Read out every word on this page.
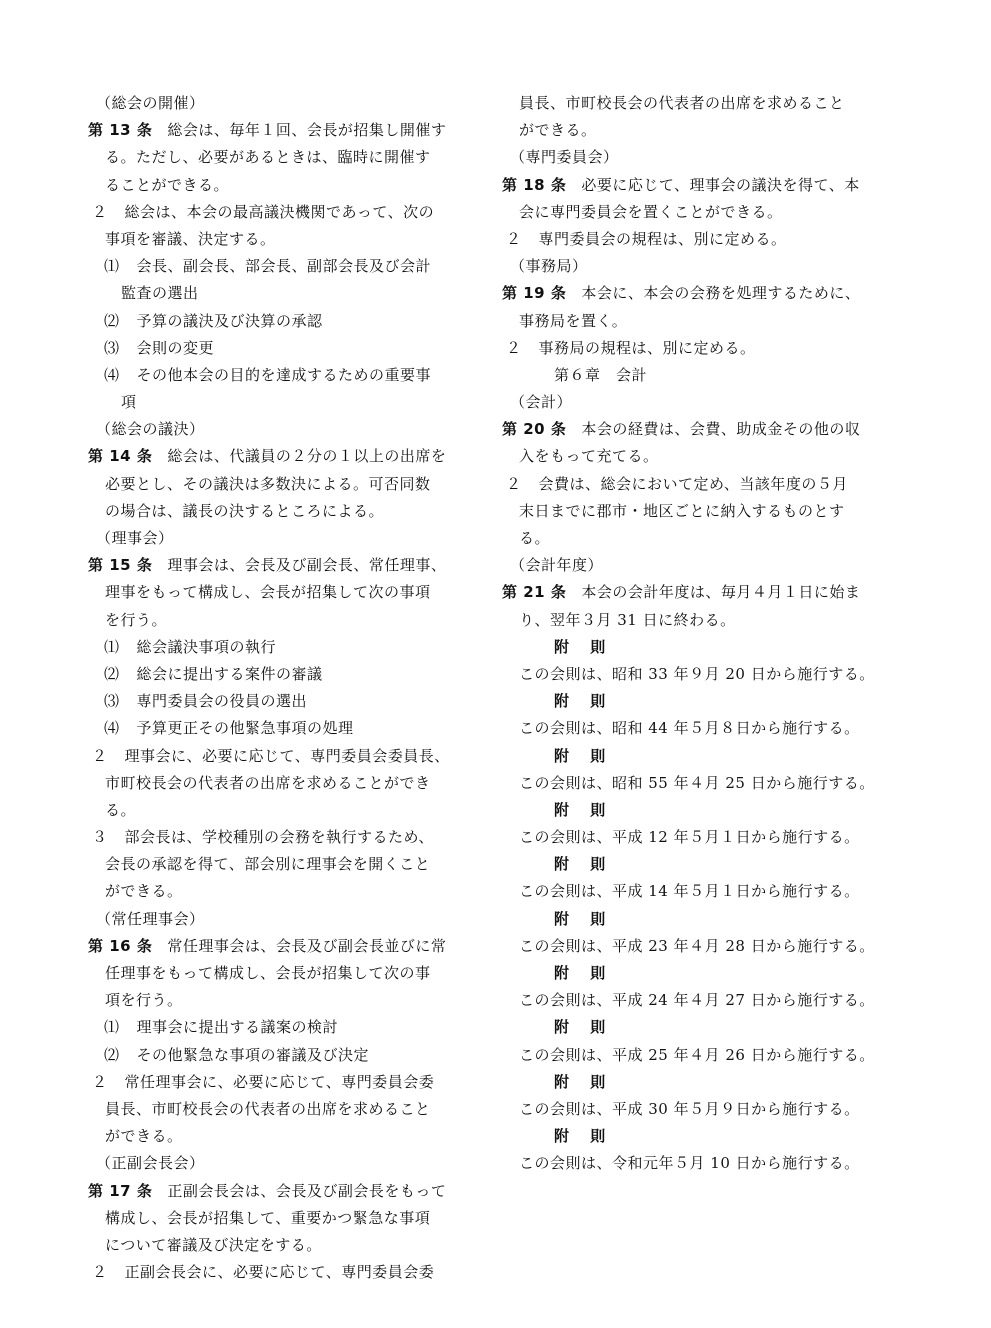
（総会の開催）
第 13 条 総会は、毎年１回、会長が招集し開催す
る。ただし、必要があるときは、臨時に開催す
ることができる。
２ 総会は、本会の最高議決機関であって、次の
事項を審議、決定する。
⑴ 会長、副会長、部会長、副部会長及び会計
監査の選出
⑵ 予算の議決及び決算の承認
⑶ 会則の変更
⑷ その他本会の目的を達成するための重要事
項
（総会の議決）
第 14 条 総会は、代議員の２分の１以上の出席を
必要とし、その議決は多数決による。可否同数
の場合は、議長の決するところによる。
（理事会）
第 15 条 理事会は、会長及び副会長、常任理事、
理事をもって構成し、会長が招集して次の事項
を行う。
⑴ 総会議決事項の執行
⑵ 総会に提出する案件の審議
⑶ 専門委員会の役員の選出
⑷ 予算更正その他緊急事項の処理
２ 理事会に、必要に応じて、専門委員会委員長、
市町校長会の代表者の出席を求めることができ
る。
３ 部会長は、学校種別の会務を執行するため、
会長の承認を得て、部会別に理事会を開くこと
ができる。
（常任理事会）
第 16 条 常任理事会は、会長及び副会長並びに常
任理事をもって構成し、会長が招集して次の事
項を行う。
⑴ 理事会に提出する議案の検討
⑵ その他緊急な事項の審議及び決定
２ 常任理事会に、必要に応じて、専門委員会委
員長、市町校長会の代表者の出席を求めること
ができる。
（正副会長会）
第 17 条 正副会長会は、会長及び副会長をもって
構成し、会長が招集して、重要かつ緊急な事項
について審議及び決定をする。
２ 正副会長会に、必要に応じて、専門委員会委
員長、市町校長会の代表者の出席を求めること
ができる。
（専門委員会）
第 18 条 必要に応じて、理事会の議決を得て、本
会に専門委員会を置くことができる。
２ 専門委員会の規程は、別に定める。
（事務局）
第 19 条 本会に、本会の会務を処理するために、
事務局を置く。
２ 事務局の規程は、別に定める。
第６章　会計
（会計）
第 20 条 本会の経費は、会費、助成金その他の収
入をもって充てる。
２ 会費は、総会において定め、当該年度の５月
末日までに郡市・地区ごとに納入するものとす
る。
（会計年度）
第 21 条 本会の会計年度は、毎月４月１日に始ま
り、翌年３月 31 日に終わる。
附 則
この会則は、昭和 33 年９月 20 日から施行する。
附 則
この会則は、昭和 44 年５月８日から施行する。
附 則
この会則は、昭和 55 年４月 25 日から施行する。
附 則
この会則は、平成 12 年５月１日から施行する。
附 則
この会則は、平成 14 年５月１日から施行する。
附 則
この会則は、平成 23 年４月 28 日から施行する。
附 則
この会則は、平成 24 年４月 27 日から施行する。
附 則
この会則は、平成 25 年４月 26 日から施行する。
附 則
この会則は、平成 30 年５月９日から施行する。
附 則
この会則は、令和元年５月 10 日から施行する。
